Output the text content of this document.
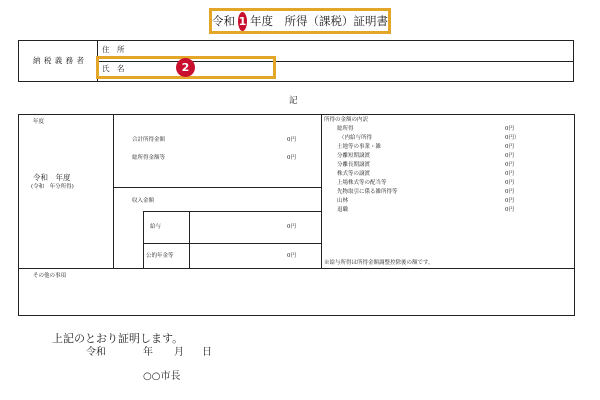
令和 1 年度　所得（課税）証明書
納 税 義 務 者
住　所
氏　名	2
記
年度
令和　年度
(令和　年分所得)
合計所得金額	0円
総所得金額等	0円
収入金額
給与	0円
公的年金等	0円
所得の金額の内訳
総所得	0円
（内給与所得	0円）
土地等の事業・雑	0円
分離短期譲渡	0円
分離長期譲渡	0円
株式等の譲渡	0円
上場株式等の配当等	0円
先物取引に係る雑所得等	0円
山林	0円
退職	0円
※給与所得は所得金額調整控除後の額です。
その他の事項
上記のとおり証明します。
令和	年 月 日
○○市長
